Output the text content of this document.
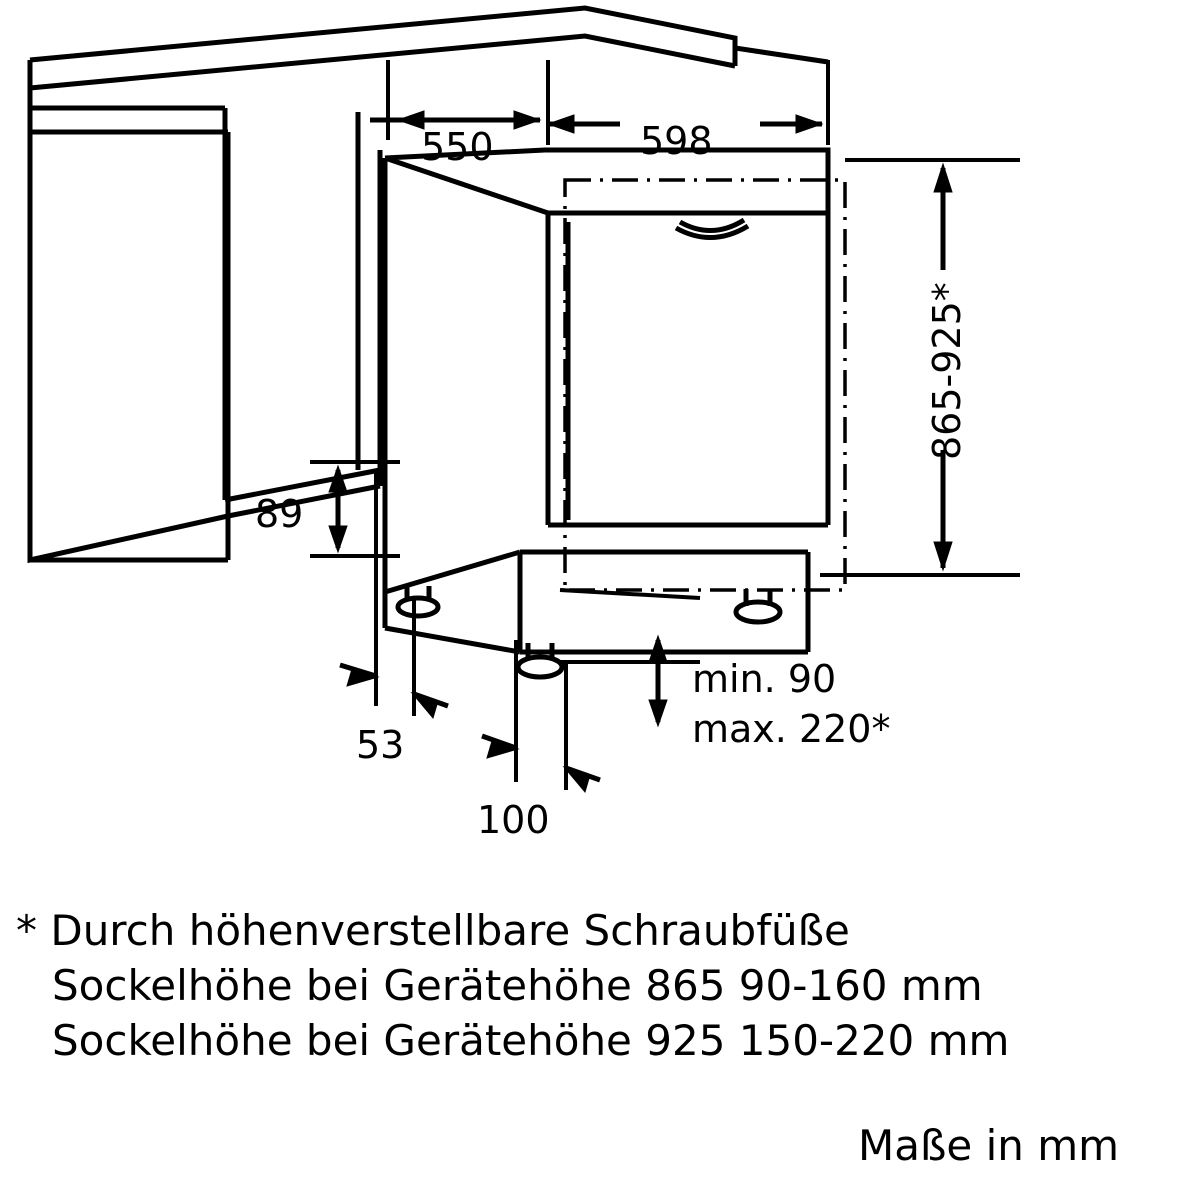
550	598
865-925*
89
53
100
min. 90
max. 220*
* Durch höhenverstellbare Schraubfüße
Sockelhöhe bei Gerätehöhe 865 90-160 mm
Sockelhöhe bei Gerätehöhe 925 150-220 mm
Maße in mm
